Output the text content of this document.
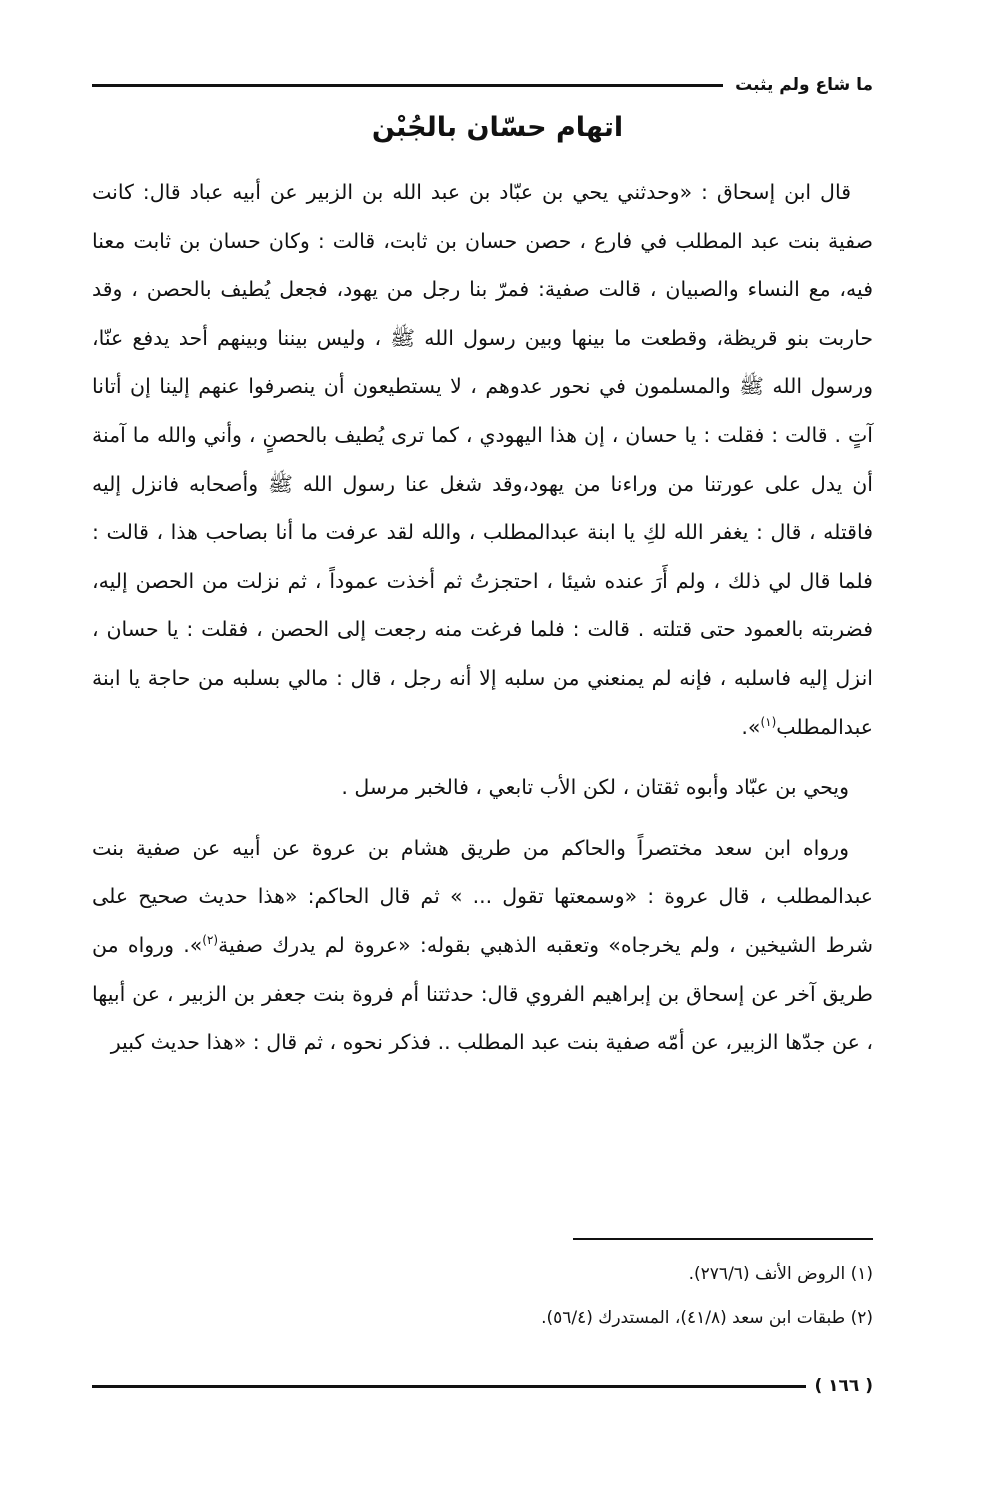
ما شاع ولم يثبت
اتهام حسّان بالجُبْن

قال ابن إسحاق : «وحدثني يحي بن عبّاد بن عبد الله بن الزبير عن أبيه عباد قال: كانت صفية بنت عبد المطلب في فارع ، حصن حسان بن ثابت، قالت : وكان حسان بن ثابت معنا فيه، مع النساء والصبيان ، قالت صفية: فمرّ بنا رجل من يهود، فجعل يُطيف بالحصن ، وقد حاربت بنو قريظة، وقطعت ما بينها وبين رسول الله ﷺ ، وليس بيننا وبينهم أحد يدفع عنّا، ورسول الله ﷺ والمسلمون في نحور عدوهم ، لا يستطيعون أن ينصرفوا عنهم إلينا إن أتانا آتٍ . قالت : فقلت : يا حسان ، إن هذا اليهودي ، كما ترى يُطيف بالحصنٍ ، وأني والله ما آمنة أن يدل على عورتنا من وراءنا من يهود،وقد شغل عنا رسول الله ﷺ وأصحابه فانزل إليه فاقتله ، قال : يغفر الله لكِ يا ابنة عبدالمطلب ، والله لقد عرفت ما أنا بصاحب هذا ، قالت : فلما قال لي ذلك ، ولم أَرَ عنده شيئا ، احتجزتُ ثم أخذت عموداً ، ثم نزلت من الحصن إليه، فضربته بالعمود حتى قتلته . قالت : فلما فرغت منه رجعت إلى الحصن ، فقلت : يا حسان ، انزل إليه فاسلبه ، فإنه لم يمنعني من سلبه إلا أنه رجل ، قال : مالي بسلبه من حاجة يا ابنة عبدالمطلب$^{(١)}$».

ويحي بن عبّاد وأبوه ثقتان ، لكن الأب تابعي ، فالخبر مرسل .

ورواه ابن سعد مختصراً والحاكم من طريق هشام بن عروة عن أبيه عن صفية بنت عبدالمطلب ، قال عروة : «وسمعتها تقول ... » ثم قال الحاكم: «هذا حديث صحيح على شرط الشيخين ، ولم يخرجاه» وتعقبه الذهبي بقوله: «عروة لم يدرك صفية$^{(٢)}$». ورواه من طريق آخر عن إسحاق بن إبراهيم الفروي قال: حدثتنا أم فروة بنت جعفر بن الزبير ، عن أبيها ، عن جدّها الزبير، عن أمّه صفية بنت عبد المطلب .. فذكر نحوه ، ثم قال : «هذا حديث كبير

(١) الروض الأنف (٢٧٦/٦).
(٢) طبقات ابن سعد (٤١/٨)، المستدرك (٥٦/٤).
( ١٦٦ )
